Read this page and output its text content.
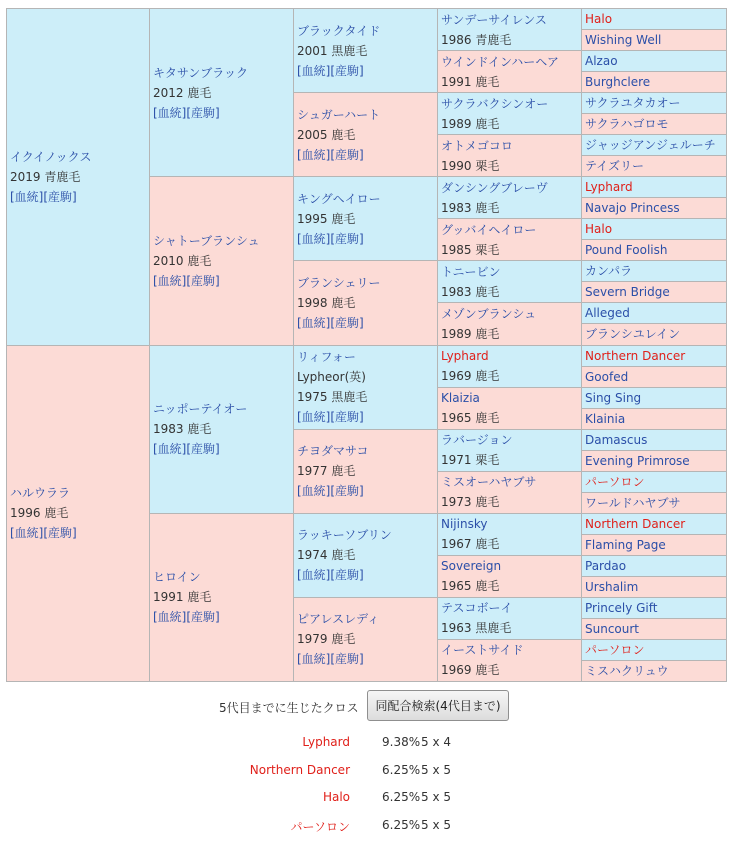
イクイノックス
2019 青鹿毛
[血統][産駒]	キタサンブラック
2012 鹿毛
[血統][産駒]	ブラックタイド
2001 黒鹿毛
[血統][産駒]	サンデーサイレンス
1986 青鹿毛	Halo

				Wishing Well

			ウインドインハーヘア
1991 鹿毛	Alzao

				Burghclere

		シュガーハート
2005 鹿毛
[血統][産駒]	サクラバクシンオー
1989 鹿毛	サクラユタカオー

				サクラハゴロモ

			オトメゴコロ
1990 栗毛	ジャッジアンジェルーチ

				テイズリー

	シャトーブランシュ
2010 鹿毛
[血統][産駒]	キングヘイロー
1995 鹿毛
[血統][産駒]	ダンシングブレーヴ
1983 鹿毛	Lyphard

				Navajo Princess

			グッバイヘイロー
1985 栗毛	Halo

				Pound Foolish

		ブランシェリー
1998 鹿毛
[血統][産駒]	トニービン
1983 鹿毛	カンパラ

				Severn Bridge

			メゾンブランシュ
1989 鹿毛	Alleged

				ブランシユレイン

ハルウララ
1996 鹿毛
[血統][産駒]	ニッポーテイオー
1983 鹿毛
[血統][産駒]	リィフォー
Lypheor(英)
1975 黒鹿毛
[血統][産駒]	Lyphard
1969 鹿毛	Northern Dancer

				Goofed

			Klaizia
1965 鹿毛	Sing Sing

				Klainia

		チヨダマサコ
1977 鹿毛
[血統][産駒]	ラバージョン
1971 栗毛	Damascus

				Evening Primrose

			ミスオーハヤブサ
1973 鹿毛	パーソロン

				ワールドハヤブサ

	ヒロイン
1991 鹿毛
[血統][産駒]	ラッキーソブリン
1974 鹿毛
[血統][産駒]	Nijinsky
1967 鹿毛	Northern Dancer

				Flaming Page

			Sovereign
1965 鹿毛	Pardao

				Urshalim

		ピアレスレディ
1979 鹿毛
[血統][産駒]	テスコボーイ
1963 黒鹿毛	Princely Gift

				Suncourt

			イーストサイド
1969 鹿毛	パーソロン

				ミスハクリュウ
5代目までに生じたクロス	同配合検索(4代目まで)
Lyphard	9.38% 5 x 4
Northern Dancer	6.25% 5 x 5
Halo	6.25% 5 x 5
パーソロン	6.25% 5 x 5
